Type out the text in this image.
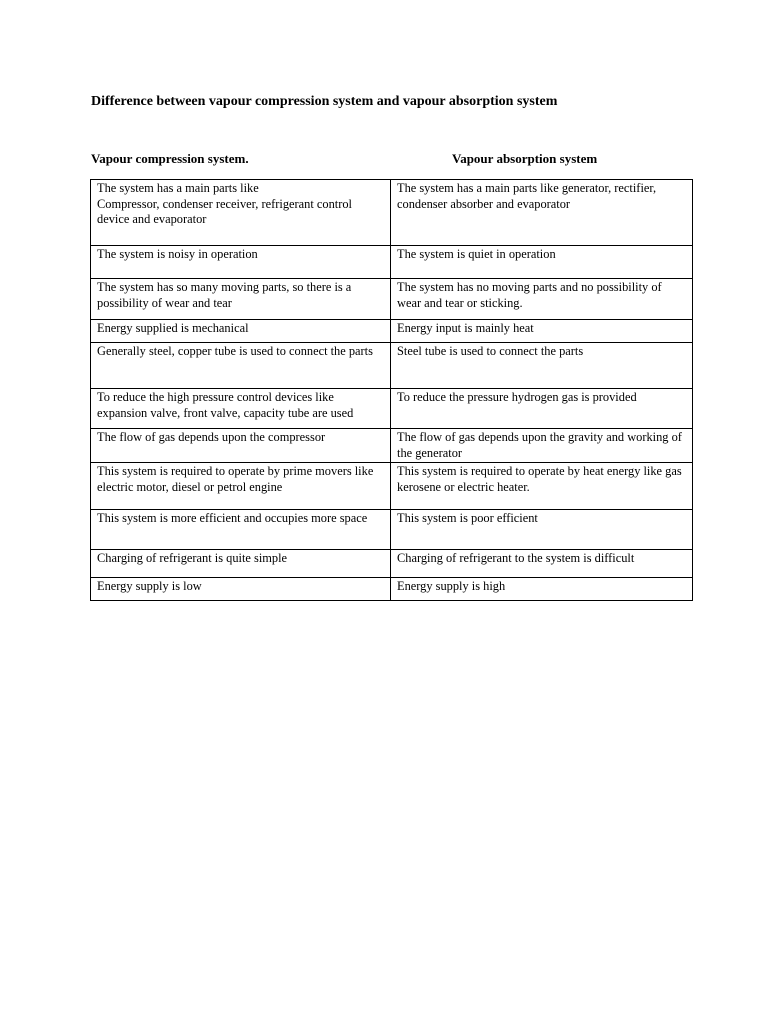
Difference between vapour compression system and vapour absorption system
Vapour compression system.	Vapour absorption system
The system has a main parts like
Compressor, condenser receiver, refrigerant control device and evaporator	The system has a main parts like generator, rectifier, condenser absorber and evaporator
The system is noisy in operation	The system is quiet in operation
The system has so many moving parts, so there is a possibility of wear and tear	The system has no moving parts and no possibility of wear and tear or sticking.
Energy supplied is mechanical	Energy input is mainly heat
Generally steel, copper tube is used to connect the parts	Steel tube is used to connect the parts
To reduce the high pressure control devices like expansion valve, front valve, capacity tube are used	To reduce the pressure hydrogen gas is provided
The flow of gas depends upon the compressor	The flow of gas depends upon the gravity and working of the generator
This system is required to operate by prime movers like electric motor, diesel or petrol engine	This system is required to operate by heat energy like gas kerosene or electric heater.
This system is more efficient and occupies more space	This system is poor efficient
Charging of refrigerant is quite simple	Charging of refrigerant to the system is difficult
Energy supply is low	Energy supply is high
